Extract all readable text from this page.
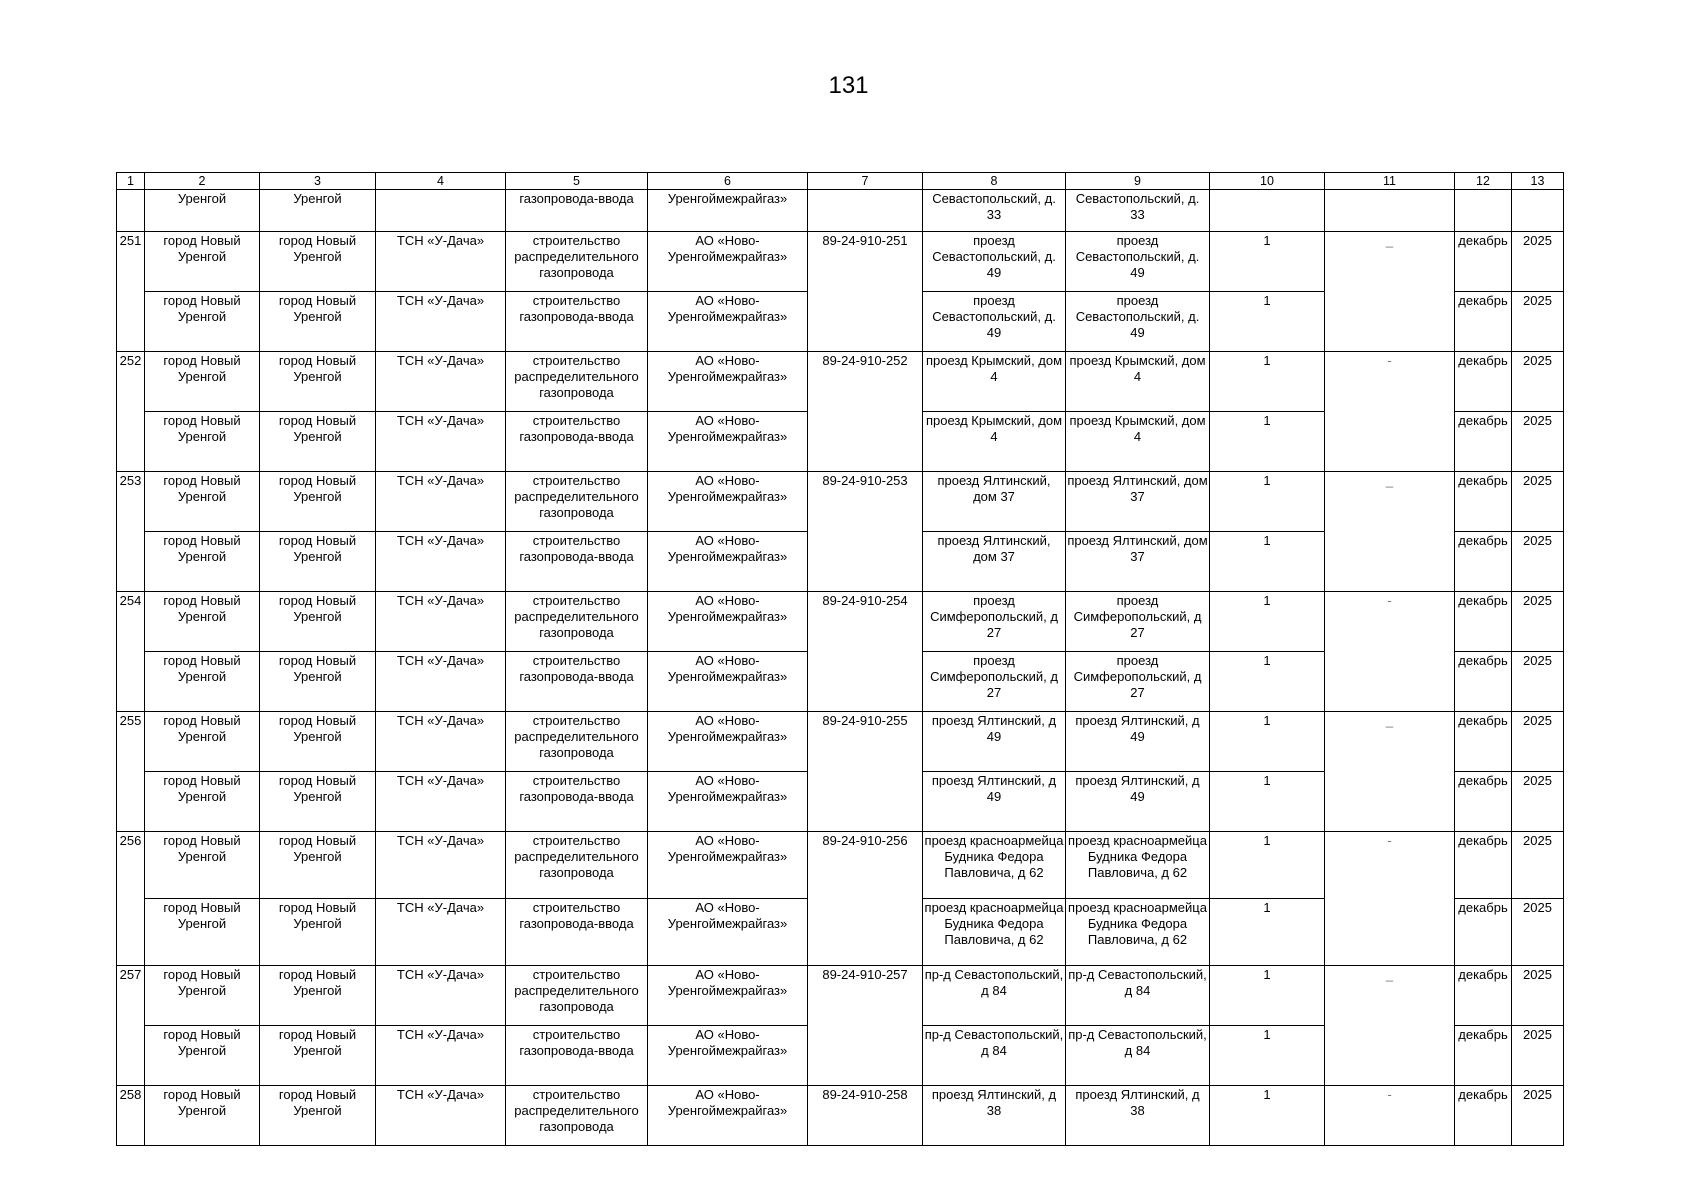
131
1	2	3	4	5	6	7	8	9	10	11	12	13
	Уренгой	Уренгой		газопровода-ввода	Уренгоймежрайгаз»		Севастопольский, д. 33	Севастопольский, д. 33				
251	город Новый Уренгой	город Новый Уренгой	ТСН «У-Дача»	строительство распределительного газопровода	АО «Ново-Уренгоймежрайгаз»	89-24-910-251	проезд Севастопольский, д. 49	проезд Севастопольский, д. 49	1	_	декабрь	2025
	город Новый Уренгой	город Новый Уренгой	ТСН «У-Дача»	строительство газопровода-ввода	АО «Ново-Уренгоймежрайгаз»		проезд Севастопольский, д. 49	проезд Севастопольский, д. 49	1		декабрь	2025
252	город Новый Уренгой	город Новый Уренгой	ТСН «У-Дача»	строительство распределительного газопровода	АО «Ново-Уренгоймежрайгаз»	89-24-910-252	проезд Крымский, дом 4	проезд Крымский, дом 4	1	-	декабрь	2025
	город Новый Уренгой	город Новый Уренгой	ТСН «У-Дача»	строительство газопровода-ввода	АО «Ново-Уренгоймежрайгаз»		проезд Крымский, дом 4	проезд Крымский, дом 4	1		декабрь	2025
253	город Новый Уренгой	город Новый Уренгой	ТСН «У-Дача»	строительство распределительного газопровода	АО «Ново-Уренгоймежрайгаз»	89-24-910-253	проезд Ялтинский, дом 37	проезд Ялтинский, дом 37	1	_	декабрь	2025
	город Новый Уренгой	город Новый Уренгой	ТСН «У-Дача»	строительство газопровода-ввода	АО «Ново-Уренгоймежрайгаз»		проезд Ялтинский, дом 37	проезд Ялтинский, дом 37	1		декабрь	2025
254	город Новый Уренгой	город Новый Уренгой	ТСН «У-Дача»	строительство распределительного газопровода	АО «Ново-Уренгоймежрайгаз»	89-24-910-254	проезд Симферопольский, д 27	проезд Симферопольский, д 27	1	-	декабрь	2025
	город Новый Уренгой	город Новый Уренгой	ТСН «У-Дача»	строительство газопровода-ввода	АО «Ново-Уренгоймежрайгаз»		проезд Симферопольский, д 27	проезд Симферопольский, д 27	1		декабрь	2025
255	город Новый Уренгой	город Новый Уренгой	ТСН «У-Дача»	строительство распределительного газопровода	АО «Ново-Уренгоймежрайгаз»	89-24-910-255	проезд Ялтинский, д 49	проезд Ялтинский, д 49	1	_	декабрь	2025
	город Новый Уренгой	город Новый Уренгой	ТСН «У-Дача»	строительство газопровода-ввода	АО «Ново-Уренгоймежрайгаз»		проезд Ялтинский, д 49	проезд Ялтинский, д 49	1		декабрь	2025
256	город Новый Уренгой	город Новый Уренгой	ТСН «У-Дача»	строительство распределительного газопровода	АО «Ново-Уренгоймежрайгаз»	89-24-910-256	проезд красноармейца Будника Федора Павловича, д 62	проезд красноармейца Будника Федора Павловича, д 62	1	-	декабрь	2025
	город Новый Уренгой	город Новый Уренгой	ТСН «У-Дача»	строительство газопровода-ввода	АО «Ново-Уренгоймежрайгаз»		проезд красноармейца Будника Федора Павловича, д 62	проезд красноармейца Будника Федора Павловича, д 62	1		декабрь	2025
257	город Новый Уренгой	город Новый Уренгой	ТСН «У-Дача»	строительство распределительного газопровода	АО «Ново-Уренгоймежрайгаз»	89-24-910-257	пр-д Севастопольский, д 84	пр-д Севастопольский, д 84	1	_	декабрь	2025
	город Новый Уренгой	город Новый Уренгой	ТСН «У-Дача»	строительство газопровода-ввода	АО «Ново-Уренгоймежрайгаз»		пр-д Севастопольский, д 84	пр-д Севастопольский, д 84	1		декабрь	2025
258	город Новый Уренгой	город Новый Уренгой	ТСН «У-Дача»	строительство распределительного газопровода	АО «Ново-Уренгоймежрайгаз»	89-24-910-258	проезд Ялтинский, д 38	проезд Ялтинский, д 38	1	-	декабрь	2025
